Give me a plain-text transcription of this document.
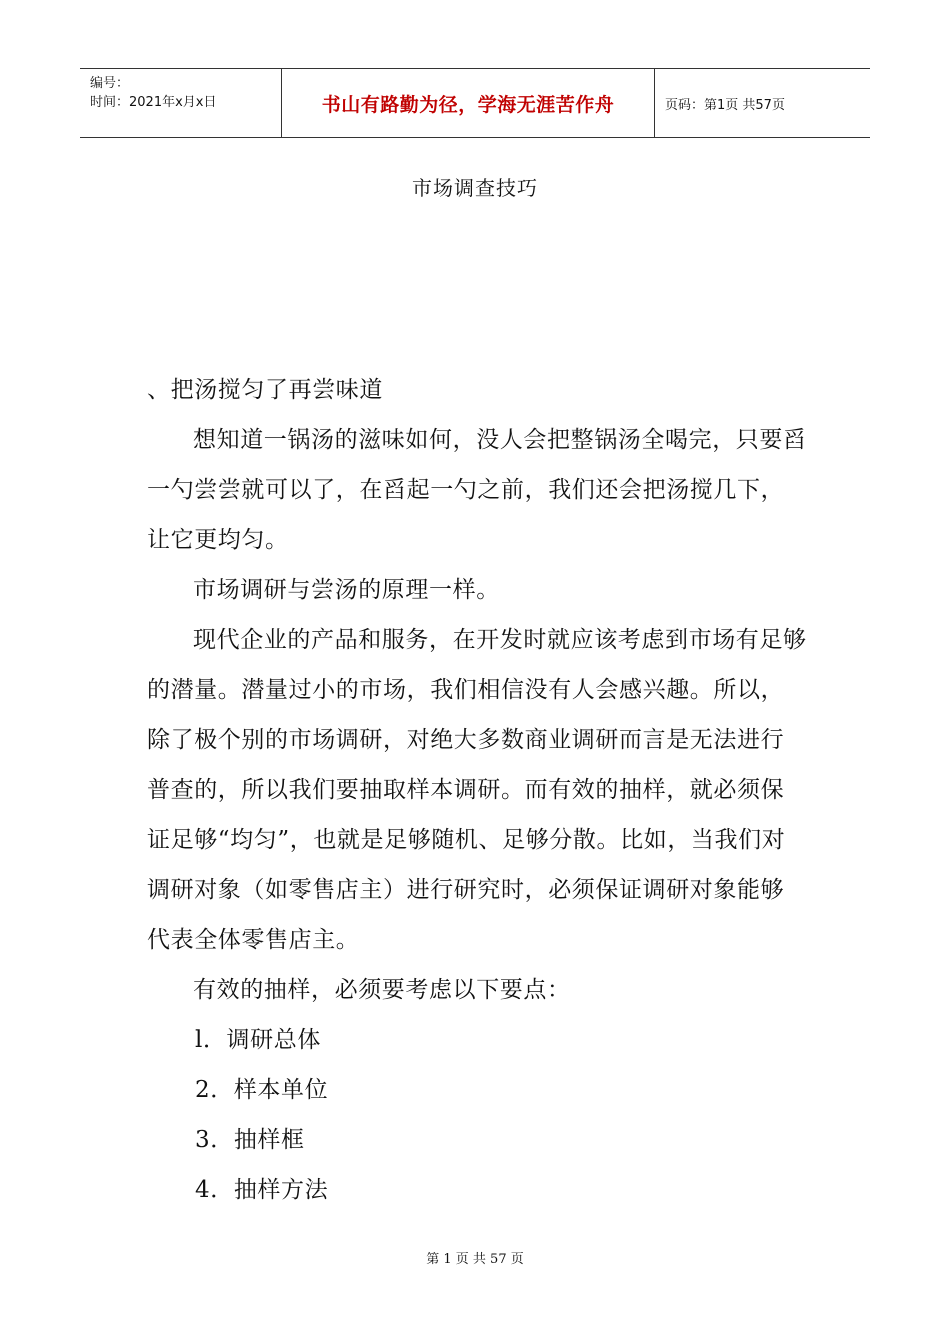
编号：
时间：2021年x月x日	书山有路勤为径，学海无涯苦作舟	页码：第1页 共57页
市场调查技巧

、把汤搅匀了再尝味道

想知道一锅汤的滋味如何，没人会把整锅汤全喝完，只要舀一勺尝尝就可以了，在舀起一勺之前，我们还会把汤搅几下，让它更均匀。

市场调研与尝汤的原理一样。

现代企业的产品和服务，在开发时就应该考虑到市场有足够的潜量。潜量过小的市场，我们相信没有人会感兴趣。所以，除了极个别的市场调研，对绝大多数商业调研而言是无法进行普查的，所以我们要抽取样本调研。而有效的抽样，就必须保证足够“均匀”，也就是足够随机、足够分散。比如，当我们对调研对象（如零售店主）进行研究时，必须保证调研对象能够代表全体零售店主。

有效的抽样，必须要考虑以下要点：

l．调研总体

2．样本单位

3．抽样框

4．抽样方法

第 1 页 共 57 页
